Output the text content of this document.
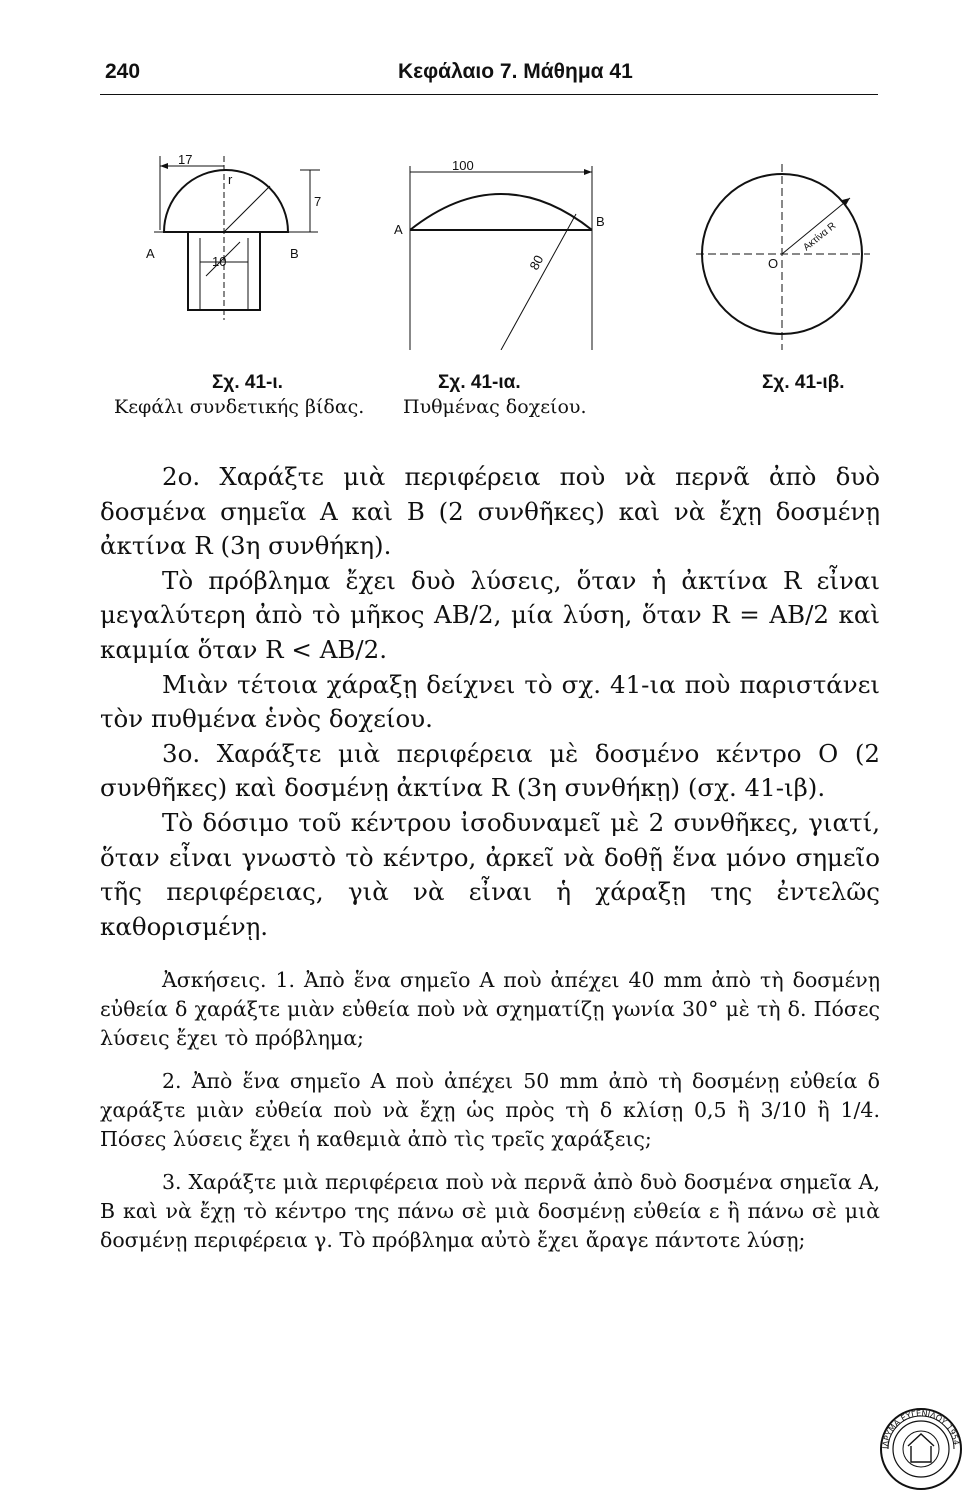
240	Κεφάλαιο 7. Μάθημα 41
17
r
7
10
A	B
100
80
A
B
O
Ακτίνα R
Σχ. 41-ι.
Κεφάλι συνδετικής βίδας.
Σχ. 41-ια.
Πυθμένας δοχείου.
Σχ. 41-ιβ.

2ο. Χαράξτε μιὰ περιφέρεια ποὺ νὰ περνᾶ ἀπὸ δυὸ δοσμένα σημεῖα Α καὶ Β (2 συνθῆκες) καὶ νὰ ἔχῃ δοσμένῃ ἀκτίνα R (3η συνθήκη).

Τὸ πρόβλημα ἔχει δυὸ λύσεις, ὅταν ἡ ἀκτίνα R εἶναι μεγαλύτερη ἀπὸ τὸ μῆκος ΑΒ/2, μία λύση, ὅταν R = AB/2 καὶ καμμία ὅταν R < AB/2.

Μιὰν τέτοια χάραξῃ δείχνει τὸ σχ. 41-ια ποὺ παριστάνει τὸν πυθμένα ἑνὸς δοχείου.

3ο. Χαράξτε μιὰ περιφέρεια μὲ δοσμένο κέντρο Ο (2 συνθῆκες) καὶ δοσμένῃ ἀκτίνα R (3η συνθήκῃ) (σχ. 41-ιβ).

Τὸ δόσιμο τοῦ κέντρου ἰσοδυναμεῖ μὲ 2 συνθῆκες, γιατί, ὅταν εἶναι γνωστὸ τὸ κέντρο, ἀρκεῖ νὰ δοθῇ ἕνα μόνο σημεῖο τῆς περιφέρειας, γιὰ νὰ εἶναι ἡ χάραξῃ της ἐντελῶς καθορισμένῃ.

Ἀσκήσεις. 1. Ἀπὸ ἕνα σημεῖο Α ποὺ ἀπέχει 40 mm ἀπὸ τὴ δοσμένῃ εὐθεία δ χαράξτε μιὰν εὐθεία ποὺ νὰ σχηματίζῃ γωνία 30° μὲ τὴ δ. Πόσες λύσεις ἔχει τὸ πρόβλημα;

2. Ἀπὸ ἕνα σημεῖο Α ποὺ ἀπέχει 50 mm ἀπὸ τὴ δοσμένῃ εὐθεία δ χαράξτε μιὰν εὐθεία ποὺ νὰ ἔχῃ ὡς πρὸς τὴ δ κλίσῃ 0,5 ἢ 3/10 ἢ 1/4. Πόσες λύσεις ἔχει ἡ καθεμιὰ ἀπὸ τὶς τρεῖς χαράξεις;

3. Χαράξτε μιὰ περιφέρεια ποὺ νὰ περνᾶ ἀπὸ δυὸ δοσμένα σημεῖα Α, Β καὶ νὰ ἔχῃ τὸ κέντρο της πάνω σὲ μιὰ δοσμένῃ εὐθεία ε ἢ πάνω σὲ μιὰ δοσμένῃ περιφέρεια γ. Τὸ πρόβλημα αὐτὸ ἔχει ἄραγε πάντοτε λύσῃ;

ΙΔΡΥΜΑ ΕΥΓΕΝΙΔΟΥ 1954
